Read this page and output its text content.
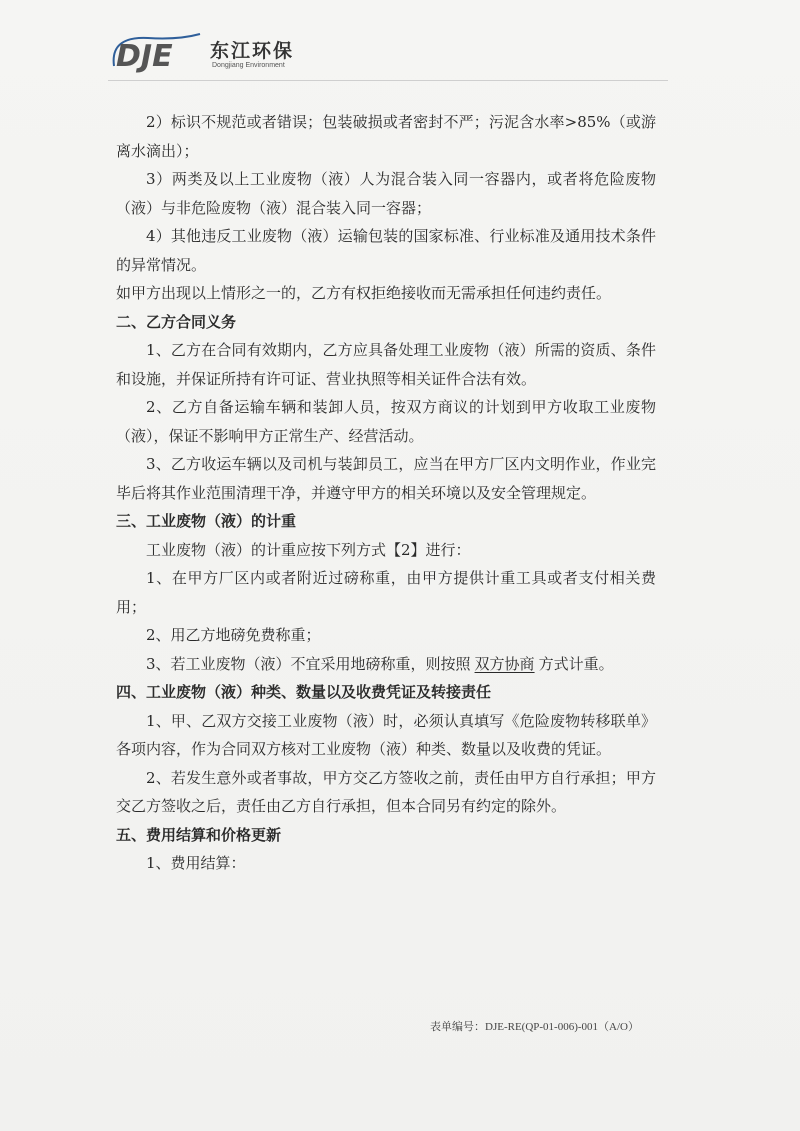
DJE 东江环保
Dongjiang Environment

2）标识不规范或者错误；包装破损或者密封不严；污泥含水率>85%（或游离水滴出）；

3）两类及以上工业废物（液）人为混合装入同一容器内，或者将危险废物（液）与非危险废物（液）混合装入同一容器；

4）其他违反工业废物（液）运输包装的国家标准、行业标准及通用技术条件的异常情况。

如甲方出现以上情形之一的，乙方有权拒绝接收而无需承担任何违约责任。

二、乙方合同义务

1、乙方在合同有效期内，乙方应具备处理工业废物（液）所需的资质、条件和设施，并保证所持有许可证、营业执照等相关证件合法有效。

2、乙方自备运输车辆和装卸人员，按双方商议的计划到甲方收取工业废物（液），保证不影响甲方正常生产、经营活动。

3、乙方收运车辆以及司机与装卸员工，应当在甲方厂区内文明作业，作业完毕后将其作业范围清理干净，并遵守甲方的相关环境以及安全管理规定。

三、工业废物（液）的计重

工业废物（液）的计重应按下列方式【2】进行：

1、在甲方厂区内或者附近过磅称重，由甲方提供计重工具或者支付相关费用；

2、用乙方地磅免费称重；

3、若工业废物（液）不宜采用地磅称重，则按照 双方协商 方式计重。

四、工业废物（液）种类、数量以及收费凭证及转接责任

1、甲、乙双方交接工业废物（液）时，必须认真填写《危险废物转移联单》各项内容，作为合同双方核对工业废物（液）种类、数量以及收费的凭证。

2、若发生意外或者事故，甲方交乙方签收之前，责任由甲方自行承担；甲方交乙方签收之后，责任由乙方自行承担，但本合同另有约定的除外。

五、费用结算和价格更新

1、费用结算：

表单编号：DJE-RE(QP-01-006)-001（A/O）
